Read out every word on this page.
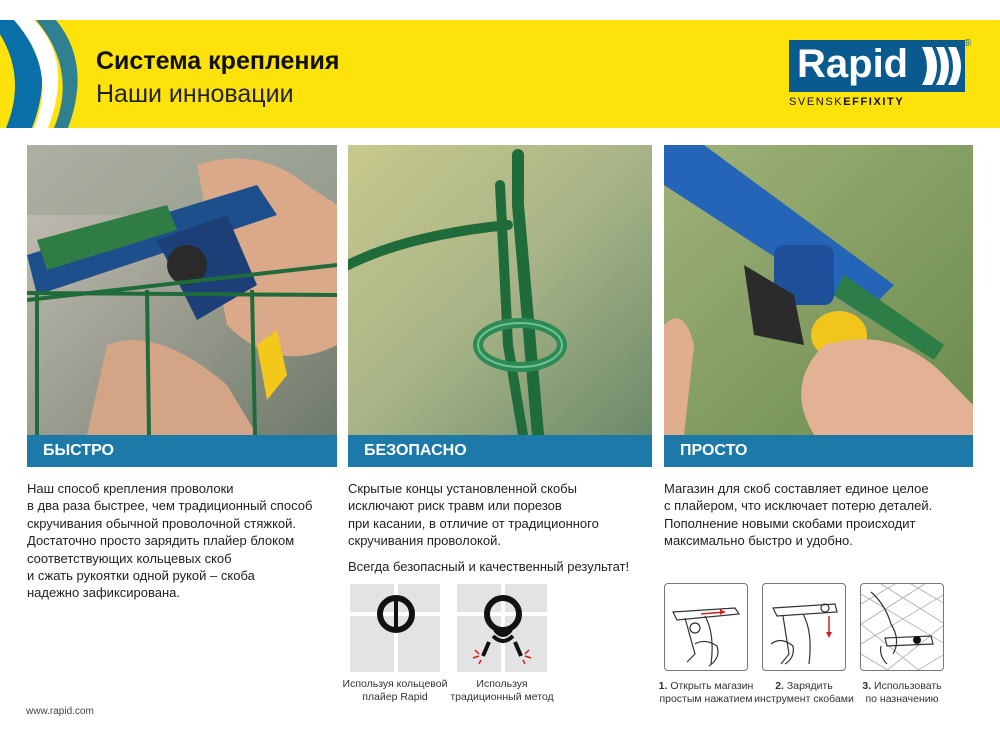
Система крепления
Наши инновации
Rapid
SVENSKEFFIXITY
®
БЫСТРО	БЕЗОПАСНО	ПРОСТО
Наш способ крепления проволоки
в два раза быстрее, чем традиционный способ
скручивания обычной проволочной стяжкой.
Достаточно просто зарядить плайер блоком
соответствующих кольцевых скоб
и сжать рукоятки одной рукой – скоба
надежно зафиксирована.
Скрытые концы установленной скобы
исключают риск травм или порезов
при касании, в отличие от традиционного
скручивания проволокой.
Магазин для скоб составляет единое целое
с плайером, что исключает потерю деталей.
Пополнение новыми скобами происходит
максимально быстро и удобно.
Всегда безопасный и качественный результат!
Используя кольцевой
плайер Rapid
Используя
традиционный метод
1. Открыть магазин
простым нажатием
2. Зарядить
инструмент скобами
3. Использовать
по назначению
www.rapid.com
